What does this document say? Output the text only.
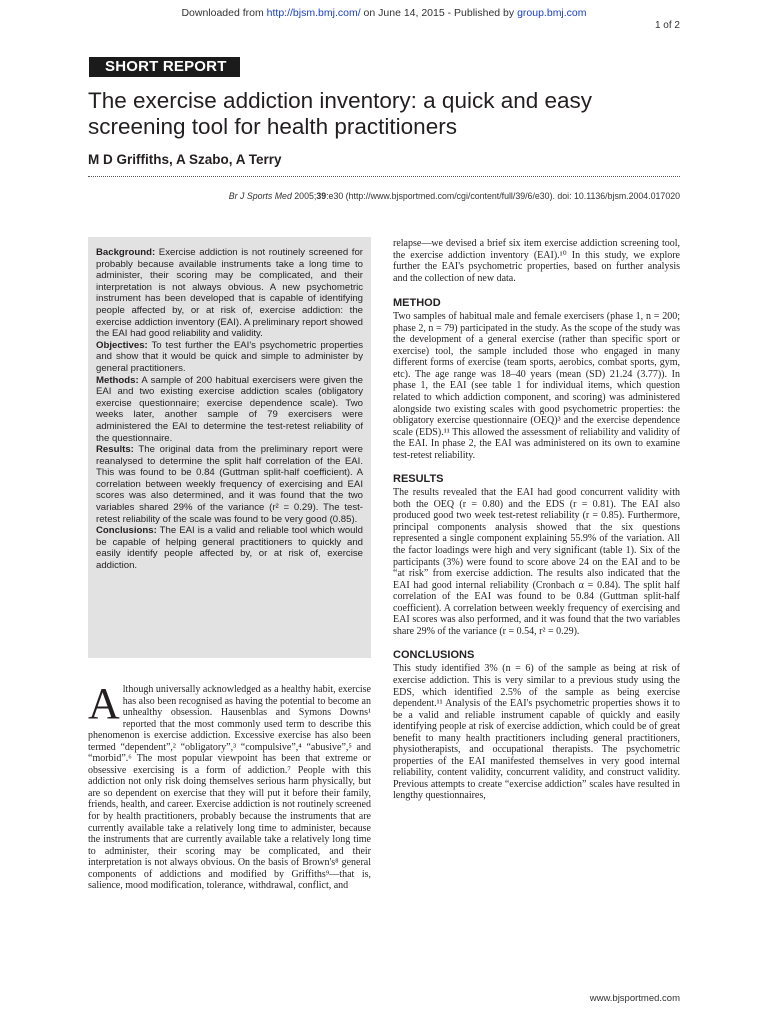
Downloaded from http://bjsm.bmj.com/ on June 14, 2015 - Published by group.bmj.com
1 of 2
SHORT REPORT
The exercise addiction inventory: a quick and easy screening tool for health practitioners
M D Griffiths, A Szabo, A Terry
Br J Sports Med 2005;39:e30 (http://www.bjsportmed.com/cgi/content/full/39/6/e30). doi: 10.1136/bjsm.2004.017020

Background: Exercise addiction is not routinely screened for probably because available instruments take a long time to administer, their scoring may be complicated, and their interpretation is not always obvious. A new psychometric instrument has been developed that is capable of identifying people affected by, or at risk of, exercise addiction: the exercise addiction inventory (EAI). A preliminary report showed the EAI had good reliability and validity.

Objectives: To test further the EAI's psychometric properties and show that it would be quick and simple to administer by general practitioners.

Methods: A sample of 200 habitual exercisers were given the EAI and two existing exercise addiction scales (obligatory exercise questionnaire; exercise dependence scale). Two weeks later, another sample of 79 exercisers were administered the EAI to determine the test-retest reliability of the questionnaire.

Results: The original data from the preliminary report were reanalysed to determine the split half correlation of the EAI. This was found to be 0.84 (Guttman split-half coefficient). A correlation between weekly frequency of exercising and EAI scores was also determined, and it was found that the two variables shared 29% of the variance (r² = 0.29). The test-retest reliability of the scale was found to be very good (0.85).

Conclusions: The EAI is a valid and reliable tool which would be capable of helping general practitioners to quickly and easily identify people affected by, or at risk of, exercise addiction.

Although universally acknowledged as a healthy habit, exercise has also been recognised as having the potential to become an unhealthy obsession. Hausenblas and Symons Downs¹ reported that the most commonly used term to describe this phenomenon is exercise addiction. Excessive exercise has also been termed “dependent”,² “obligatory”,³ “compulsive”,⁴ “abusive”,⁵ and “morbid”.⁶ The most popular viewpoint has been that extreme or obsessive exercising is a form of addiction.⁷ People with this addiction not only risk doing themselves serious harm physically, but are so dependent on exercise that they will put it before their family, friends, health, and career. Exercise addiction is not routinely screened for by health practitioners, probably because the instruments that are currently available take a relatively long time to administer, because the instruments that are currently available take a relatively long time to administer, their scoring may be complicated, and their interpretation is not always obvious. On the basis of Brown's⁸ general components of addictions and modified by Griffiths⁹—that is, salience, mood modification, tolerance, withdrawal, conflict, and

relapse—we devised a brief six item exercise addiction screening tool, the exercise addiction inventory (EAI).¹⁰ In this study, we explore further the EAI's psychometric properties, based on further analysis and the collection of new data.

METHOD

Two samples of habitual male and female exercisers (phase 1, n = 200; phase 2, n = 79) participated in the study. As the scope of the study was the development of a general exercise (rather than specific sport or exercise) tool, the sample included those who engaged in many different forms of exercise (team sports, aerobics, combat sports, gym, etc). The age range was 18–40 years (mean (SD) 21.24 (3.77)). In phase 1, the EAI (see table 1 for individual items, which question related to which addiction component, and scoring) was administered alongside two existing scales with good psychometric properties: the obligatory exercise questionnaire (OEQ)³ and the exercise dependence scale (EDS).¹¹ This allowed the assessment of reliability and validity of the EAI. In phase 2, the EAI was administered on its own to examine test-retest reliability.

RESULTS

The results revealed that the EAI had good concurrent validity with both the OEQ (r = 0.80) and the EDS (r = 0.81). The EAI also produced good two week test-retest reliability (r = 0.85). Furthermore, principal components analysis showed that the six questions represented a single component explaining 55.9% of the variation. All the factor loadings were high and very significant (table 1). Six of the participants (3%) were found to score above 24 on the EAI and to be “at risk” from exercise addiction. The results also indicated that the EAI had good internal reliability (Cronbach α = 0.84). The split half correlation of the EAI was found to be 0.84 (Guttman split-half coefficient). A correlation between weekly frequency of exercising and EAI scores was also performed, and it was found that the two variables share 29% of the variance (r = 0.54, r² = 0.29).

CONCLUSIONS

This study identified 3% (n = 6) of the sample as being at risk of exercise addiction. This is very similar to a previous study using the EDS, which identified 2.5% of the sample as being exercise dependent.¹¹ Analysis of the EAI's psychometric properties shows it to be a valid and reliable instrument capable of quickly and easily identifying people at risk of exercise addiction, which could be of great benefit to many health practitioners including general practitioners, physiotherapists, and occupational therapists. The psychometric properties of the EAI manifested themselves in very good internal reliability, content validity, concurrent validity, and construct validity. Previous attempts to create “exercise addiction” scales have resulted in lengthy questionnaires,

www.bjsportmed.com
